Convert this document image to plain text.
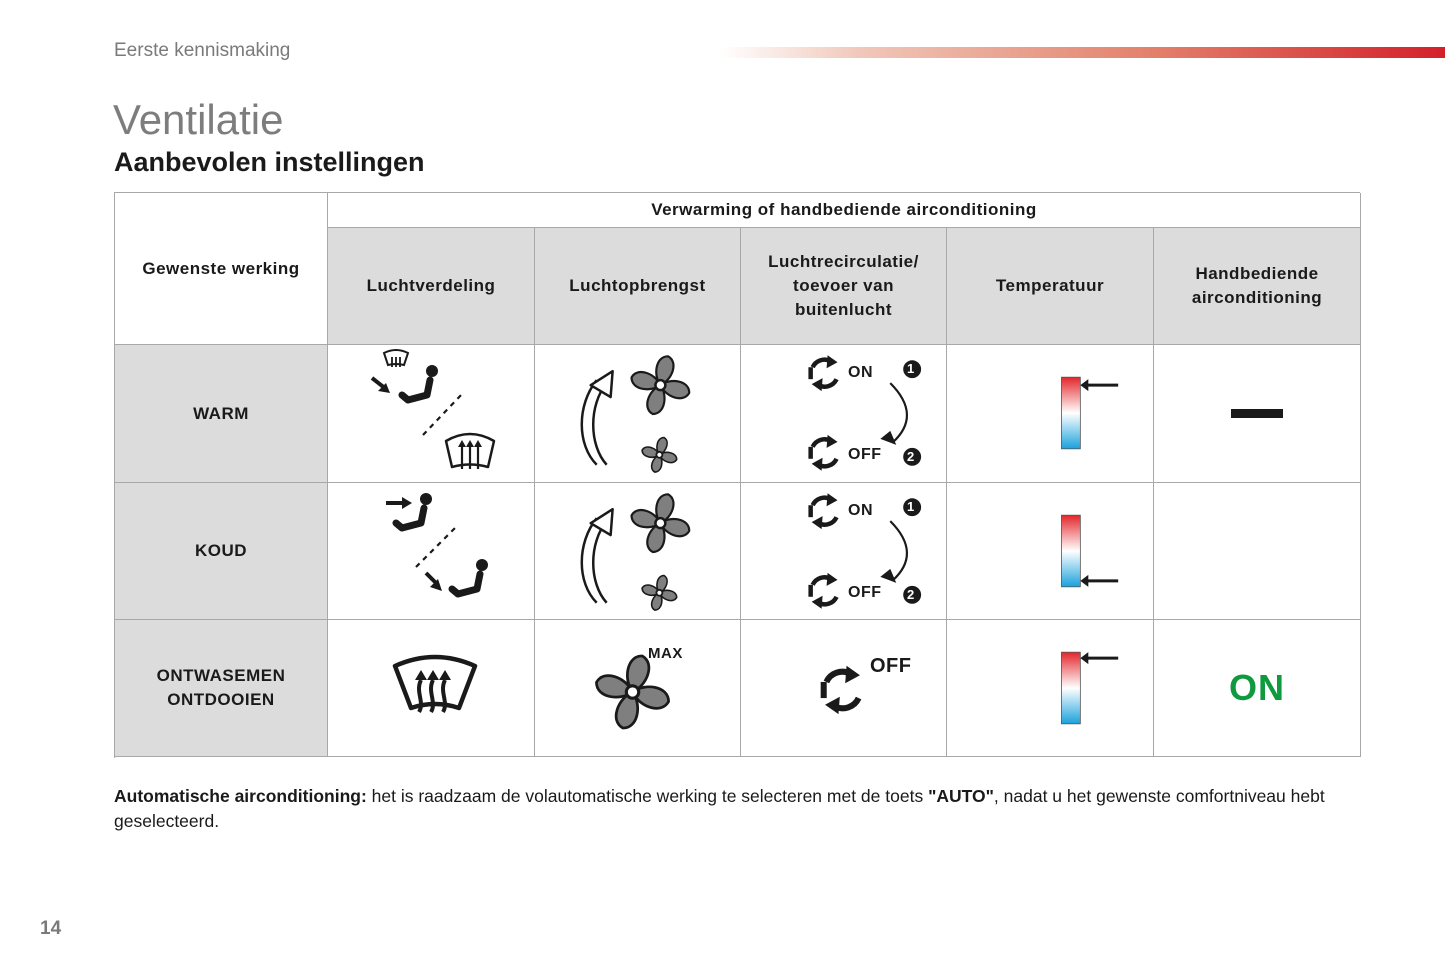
Eerste kennismaking
Ventilatie
Aanbevolen instellingen
Gewenste werking
Verwarming of handbediende airconditioning
Luchtverdeling	Luchtopbrengst
Luchtrecirculatie/ toevoer van buitenlucht
Temperatuur
Handbediende airconditioning
WARM
ON
OFF
1
2
KOUD
ON
OFF
1
2
ONTWASEMEN ONTDOOIEN
MAX
OFF
ON
Automatische airconditioning: het is raadzaam de volautomatische werking te selecteren met de toets "AUTO", nadat u het gewenste comfortniveau hebt geselecteerd.
14
